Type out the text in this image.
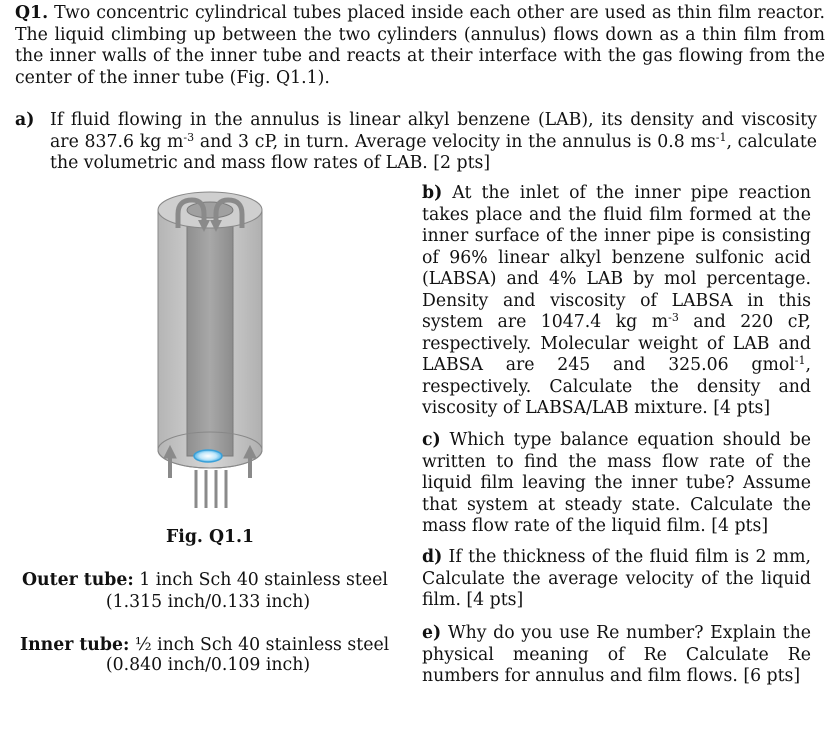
Q1. Two concentric cylindrical tubes placed inside each other are used as thin film reactor. The liquid climbing up between the two cylinders (annulus) flows down as a thin film from the inner walls of the inner tube and reacts at their interface with the gas flowing from the center of the inner tube (Fig. Q1.1).
a) If fluid flowing in the annulus is linear alkyl benzene (LAB), its density and viscosity are 837.6 kg $m^{-3}$ and 3 cP, in turn. Average velocity in the annulus is 0.8 $ms^{-1}$, calculate the volumetric and mass flow rates of LAB. [2 pts]
b) At the inlet of the inner pipe reaction takes place and the fluid film formed at the inner surface of the inner pipe is consisting of 96% linear alkyl benzene sulfonic acid (LABSA) and 4% LAB by mol percentage. Density and viscosity of LABSA in this system are 1047.4 kg $m^{-3}$ and 220 cP, respectively. Molecular weight of LAB and LABSA are 245 and 325.06 gmol$^{-1}$, respectively. Calculate the density and viscosity of LABSA/LAB mixture. [4 pts]
c) Which type balance equation should be written to find the mass flow rate of the liquid film leaving the inner tube? Assume that system at steady state. Calculate the mass flow rate of the liquid film. [4 pts]
d) If the thickness of the fluid film is 2 mm, Calculate the average velocity of the liquid film. [4 pts]
e) Why do you use Re number? Explain the physical meaning of Re Calculate Re numbers for annulus and film flows. [6 pts]
Fig. Q1.1
Outer tube: 1 inch Sch 40 stainless steel
(1.315 inch/0.133 inch)
Inner tube: ½ inch Sch 40 stainless steel
(0.840 inch/0.109 inch)
